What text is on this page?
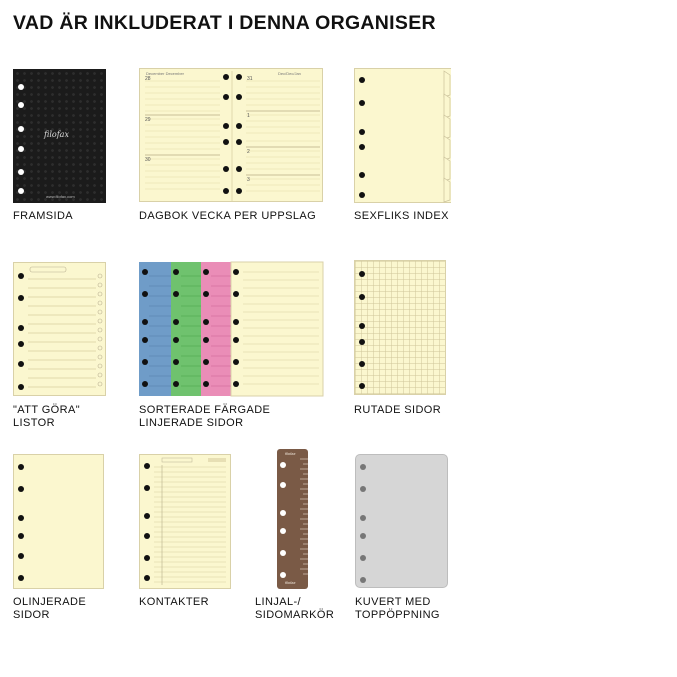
VAD ÄR INKLUDERAT I DENNA ORGANISER
filofax
www.filofax.com
FRAMSIDA
December December	Dec/Dec/Jan
28
29
30
31
1
2
3
DAGBOK VECKA PER UPPSLAG	SEXFLIKS INDEX
"ATT GÖRA"
LISTOR
SORTERADE FÄRGADE
LINJERADE SIDOR
RUTADE SIDOR
OLINJERADE
SIDOR
KONTAKTER
filofax
filofax
LINJAL-/
SIDOMARKÖR
KUVERT MED
TOPPÖPPNING
